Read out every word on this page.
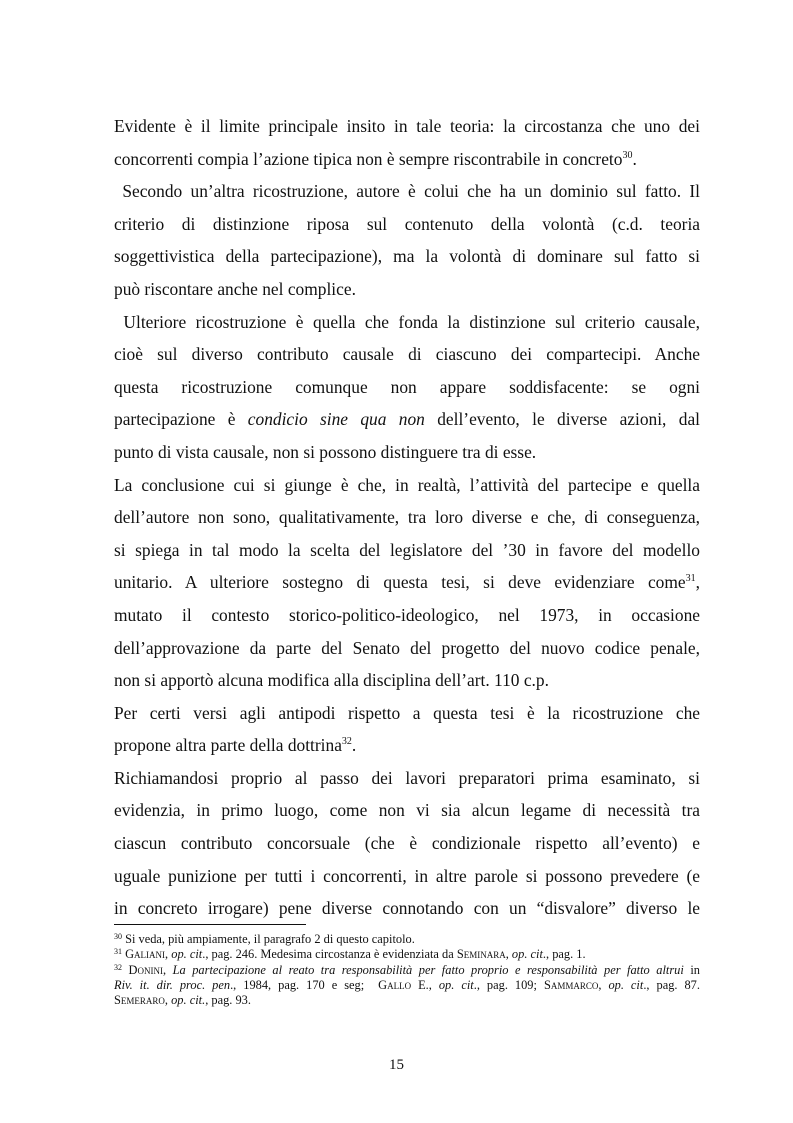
Evidente è il limite principale insito in tale teoria: la circostanza che uno dei
concorrenti compia l’azione tipica non è sempre riscontrabile in concreto$^{30}$.
Secondo un’altra ricostruzione, autore è colui che ha un dominio sul fatto. Il
criterio di distinzione riposa sul contenuto della volontà (c.d. teoria
soggettivistica della partecipazione), ma la volontà di dominare sul fatto si
può riscontare anche nel complice.
Ulteriore ricostruzione è quella che fonda la distinzione sul criterio causale,
cioè sul diverso contributo causale di ciascuno dei compartecipi. Anche
questa ricostruzione comunque non appare soddisfacente: se ogni
partecipazione è condicio sine qua non dell’evento, le diverse azioni, dal
punto di vista causale, non si possono distinguere tra di esse.
La conclusione cui si giunge è che, in realtà, l’attività del partecipe e quella
dell’autore non sono, qualitativamente, tra loro diverse e che, di conseguenza,
si spiega in tal modo la scelta del legislatore del ’30 in favore del modello
unitario. A ulteriore sostegno di questa tesi, si deve evidenziare come$^{31}$,
mutato il contesto storico-politico-ideologico, nel 1973, in occasione
dell’approvazione da parte del Senato del progetto del nuovo codice penale,
non si apportò alcuna modifica alla disciplina dell’art. 110 c.p.
Per certi versi agli antipodi rispetto a questa tesi è la ricostruzione che
propone altra parte della dottrina$^{32}$.
Richiamandosi proprio al passo dei lavori preparatori prima esaminato, si
evidenzia, in primo luogo, come non vi sia alcun legame di necessità tra
ciascun contributo concorsuale (che è condizionale rispetto all’evento) e
uguale punizione per tutti i concorrenti, in altre parole si possono prevedere (e
in concreto irrogare) pene diverse connotando con un “disvalore” diverso le
$^{30}$ Si veda, più ampiamente, il paragrafo 2 di questo capitolo.
$^{31}$ Galiani, op. cit., pag. 246. Medesima circostanza è evidenziata da Seminara, op. cit., pag. 1.
$^{32}$ Donini, La partecipazione al reato tra responsabilità per fatto proprio e responsabilità per fatto altrui in
Riv. it. dir. proc. pen., 1984, pag. 170 e seg;  Gallo E., op. cit., pag. 109; Sammarco, op. cit., pag. 87.
Semeraro, op. cit., pag. 93.
15
